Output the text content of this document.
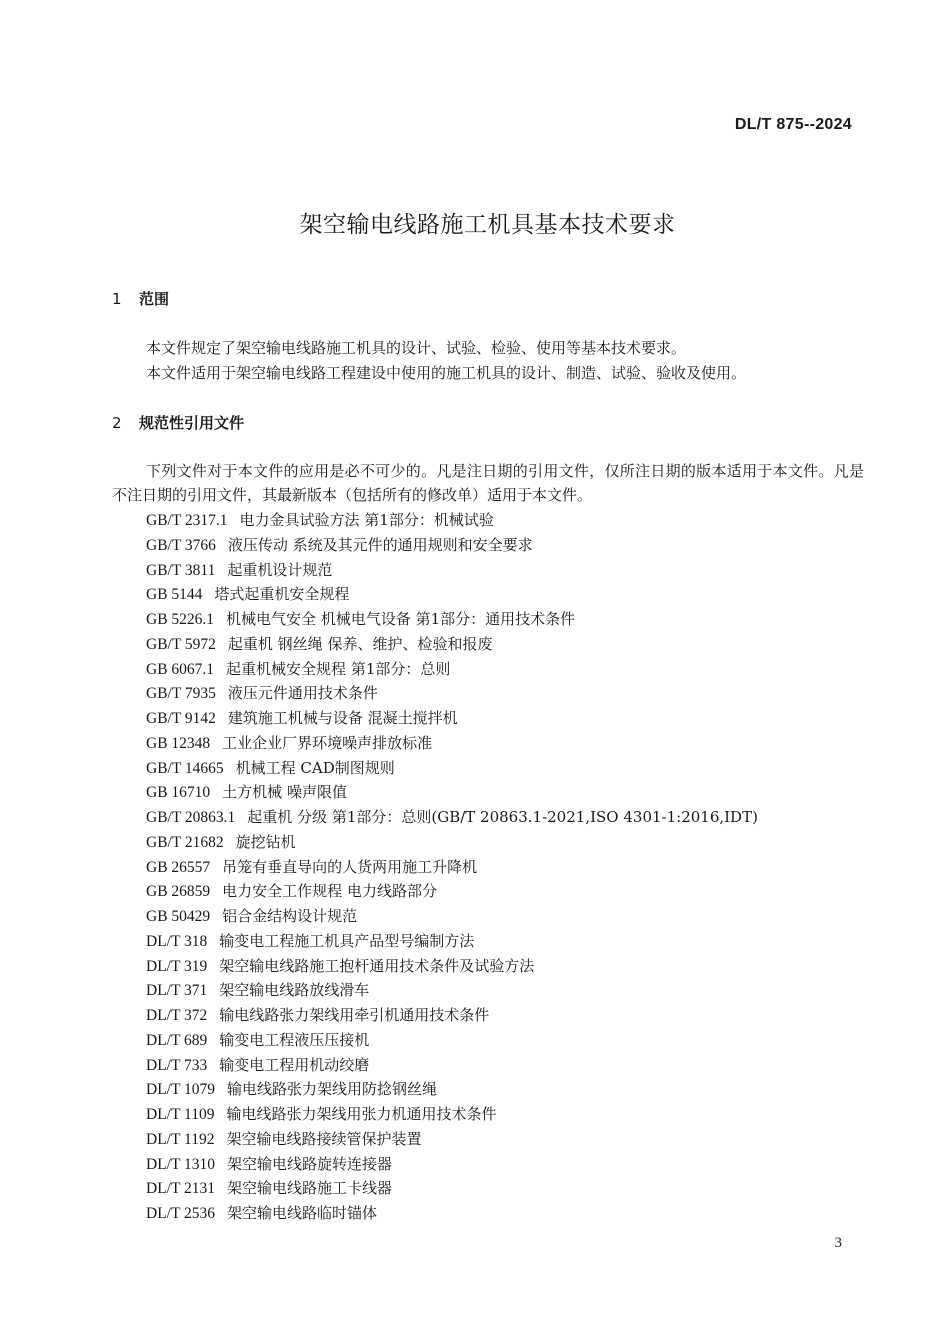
DL/T 875--2024
架空输电线路施工机具基本技术要求
1 范围
本文件规定了架空输电线路施工机具的设计、试验、检验、使用等基本技术要求。
本文件适用于架空输电线路工程建设中使用的施工机具的设计、制造、试验、验收及使用。
2 规范性引用文件
下列文件对于本文件的应用是必不可少的。凡是注日期的引用文件，仅所注日期的版本适用于本文件。凡是不注日期的引用文件，其最新版本（包括所有的修改单）适用于本文件。
GB/T 2317.1 电力金具试验方法 第1部分：机械试验
GB/T 3766 液压传动 系统及其元件的通用规则和安全要求
GB/T 3811 起重机设计规范
GB 5144 塔式起重机安全规程
GB 5226.1 机械电气安全 机械电气设备 第1部分：通用技术条件
GB/T 5972 起重机 钢丝绳 保养、维护、检验和报废
GB 6067.1 起重机械安全规程 第1部分：总则
GB/T 7935 液压元件通用技术条件
GB/T 9142 建筑施工机械与设备 混凝土搅拌机
GB 12348 工业企业厂界环境噪声排放标准
GB/T 14665 机械工程 CAD制图规则
GB 16710 土方机械 噪声限值
GB/T 20863.1 起重机 分级 第1部分：总则(GB/T 20863.1-2021,ISO 4301-1:2016,IDT)
GB/T 21682 旋挖钻机
GB 26557 吊笼有垂直导向的人货两用施工升降机
GB 26859 电力安全工作规程 电力线路部分
GB 50429 铝合金结构设计规范
DL/T 318 输变电工程施工机具产品型号编制方法
DL/T 319 架空输电线路施工抱杆通用技术条件及试验方法
DL/T 371 架空输电线路放线滑车
DL/T 372 输电线路张力架线用牵引机通用技术条件
DL/T 689 输变电工程液压压接机
DL/T 733 输变电工程用机动绞磨
DL/T 1079 输电线路张力架线用防捻钢丝绳
DL/T 1109 输电线路张力架线用张力机通用技术条件
DL/T 1192 架空输电线路接续管保护装置
DL/T 1310 架空输电线路旋转连接器
DL/T 2131 架空输电线路施工卡线器
DL/T 2536 架空输电线路临时锚体
3
